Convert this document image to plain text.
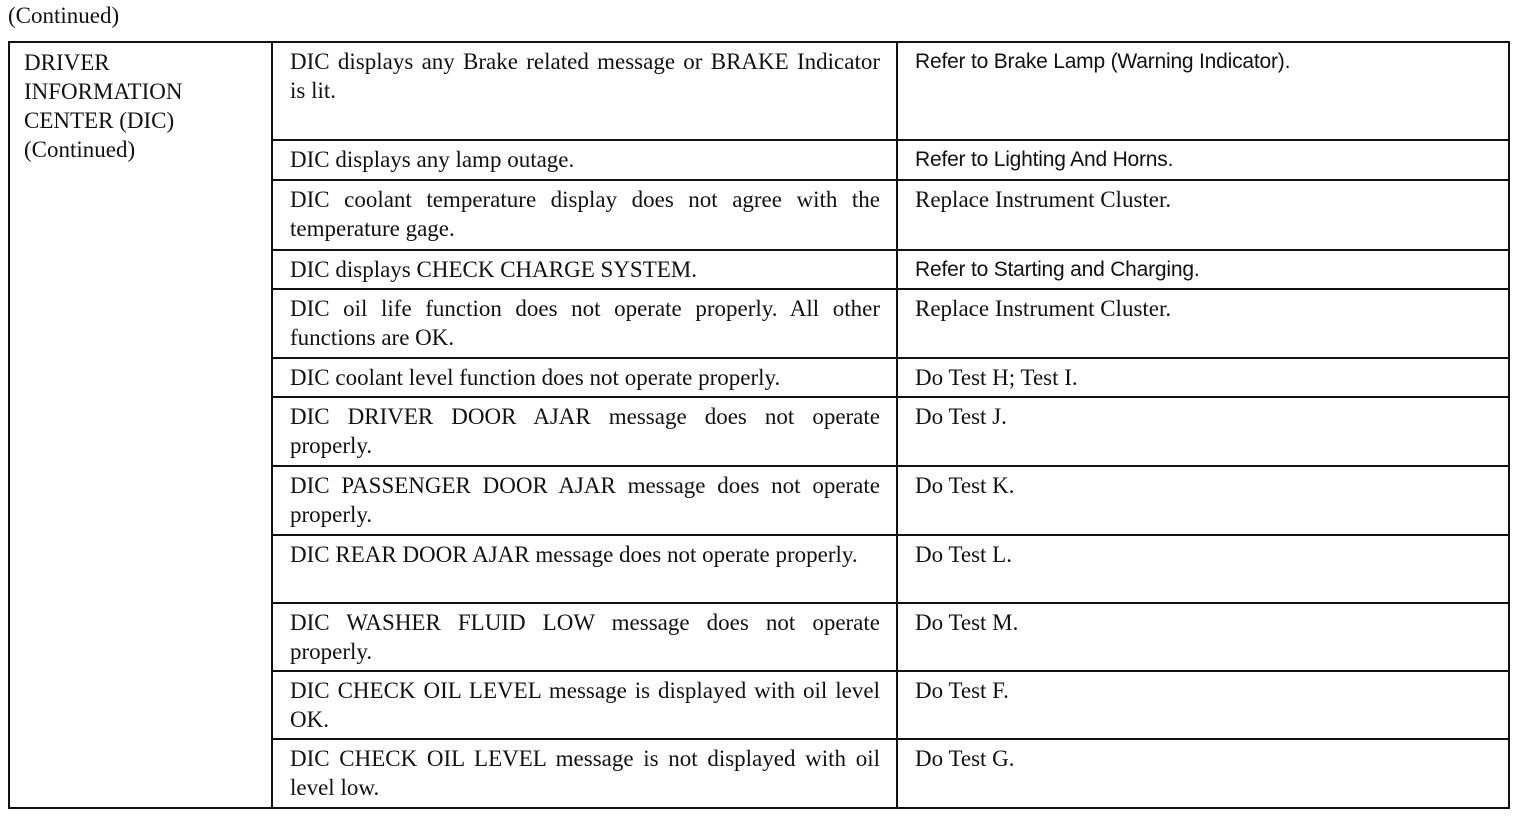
(Continued)
DRIVER
INFORMATION
CENTER (DIC)
(Continued)	DIC displays any Brake related message or BRAKE Indicator is lit.	Refer to Brake Lamp (Warning Indicator).
	DIC displays any lamp outage.	Refer to Lighting And Horns.
	DIC coolant temperature display does not agree with the temperature gage.	Replace Instrument Cluster.
	DIC displays CHECK CHARGE SYSTEM.	Refer to Starting and Charging.
	DIC oil life function does not operate properly. All other functions are OK.	Replace Instrument Cluster.
	DIC coolant level function does not operate properly.	Do Test H; Test I.
	DIC DRIVER DOOR AJAR message does not operate properly.	Do Test J.
	DIC PASSENGER DOOR AJAR message does not operate properly.	Do Test K.
	DIC REAR DOOR AJAR message does not operate properly.	Do Test L.
	DIC WASHER FLUID LOW message does not operate properly.	Do Test M.
	DIC CHECK OIL LEVEL message is displayed with oil level OK.	Do Test F.
	DIC CHECK OIL LEVEL message is not displayed with oil level low.	Do Test G.
